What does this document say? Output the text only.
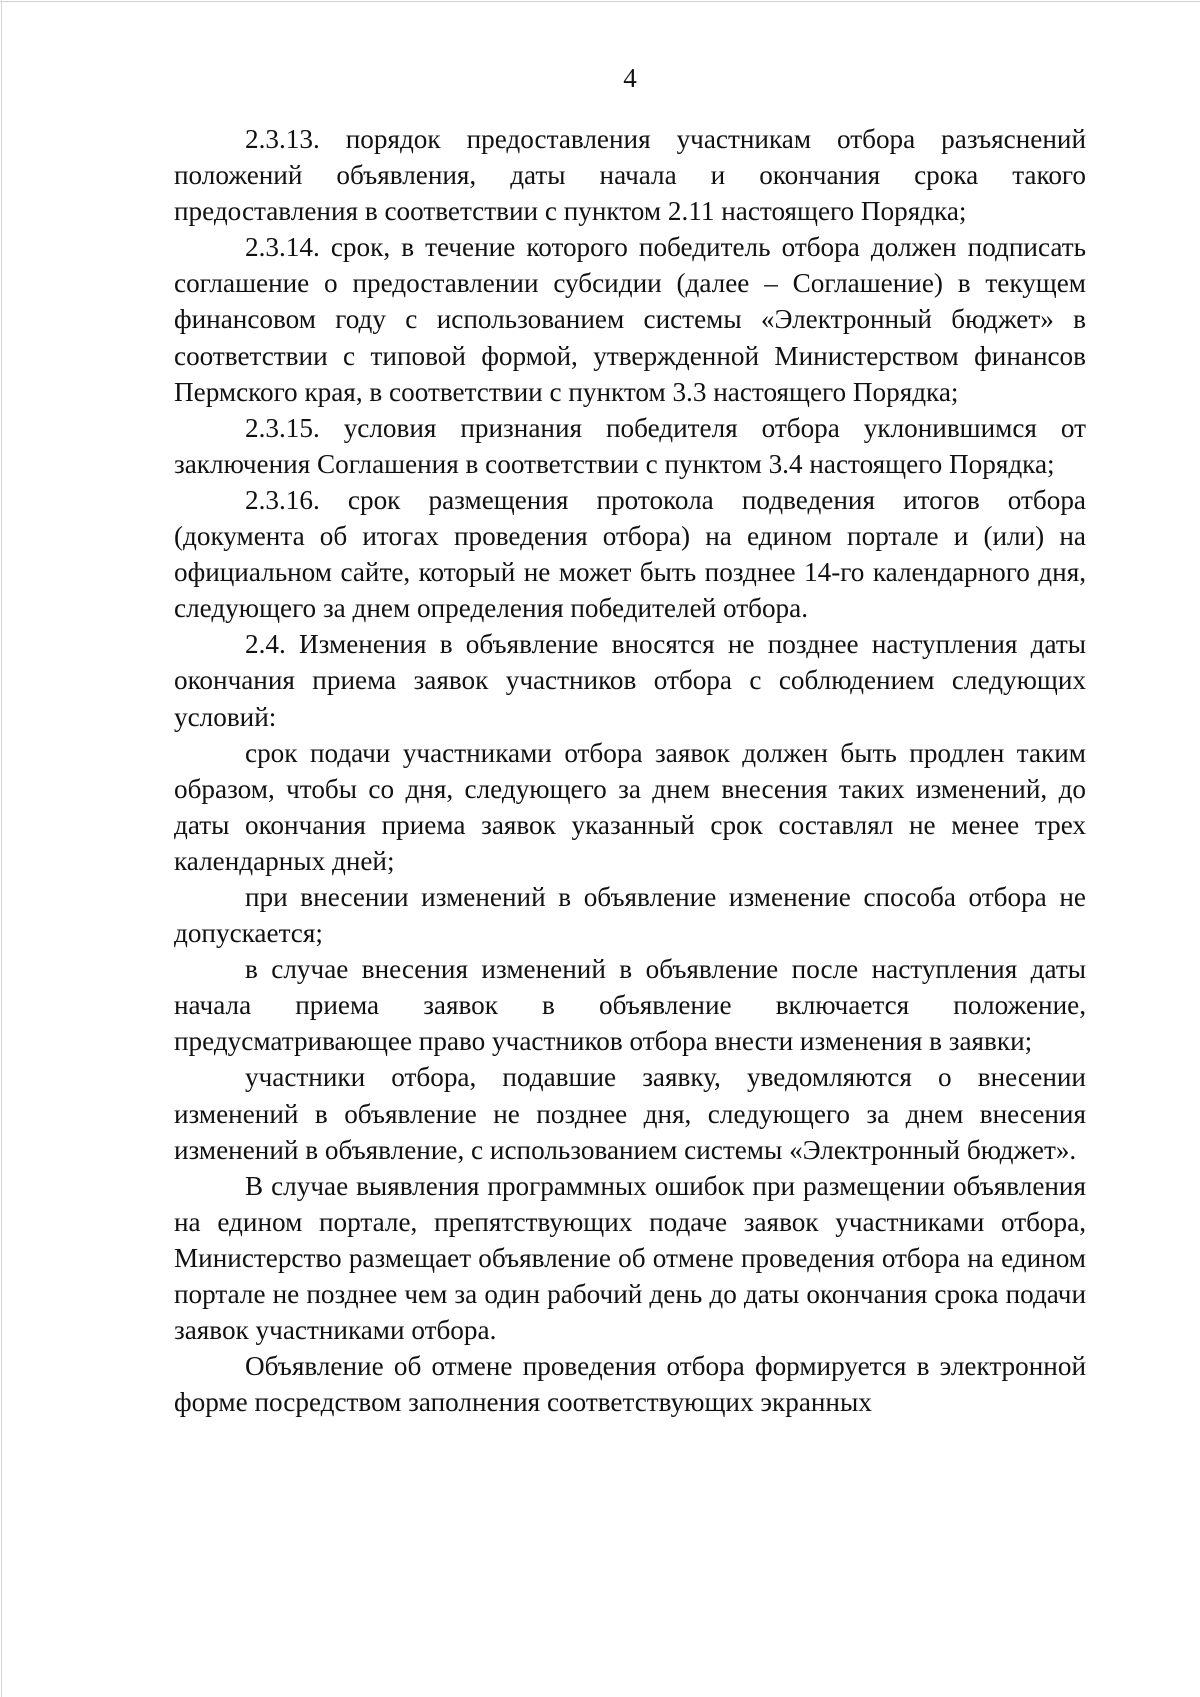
4

2.3.13. порядок предоставления участникам отбора разъяснений положений объявления, даты начала и окончания срока такого предоставления в соответствии с пунктом 2.11 настоящего Порядка;

2.3.14. срок, в течение которого победитель отбора должен подписать соглашение о предоставлении субсидии (далее – Соглашение) в текущем финансовом году с использованием системы «Электронный бюджет» в соответствии с типовой формой, утвержденной Министерством финансов Пермского края, в соответствии с пунктом 3.3 настоящего Порядка;

2.3.15. условия признания победителя отбора уклонившимся от заключения Соглашения в соответствии с пунктом 3.4 настоящего Порядка;

2.3.16. срок размещения протокола подведения итогов отбора (документа об итогах проведения отбора) на едином портале и (или) на официальном сайте, который не может быть позднее 14-го календарного дня, следующего за днем определения победителей отбора.

2.4. Изменения в объявление вносятся не позднее наступления даты окончания приема заявок участников отбора с соблюдением следующих условий:

срок подачи участниками отбора заявок должен быть продлен таким образом, чтобы со дня, следующего за днем внесения таких изменений, до даты окончания приема заявок указанный срок составлял не менее трех календарных дней;

при внесении изменений в объявление изменение способа отбора не допускается;

в случае внесения изменений в объявление после наступления даты начала приема заявок в объявление включается положение, предусматривающее право участников отбора внести изменения в заявки;

участники отбора, подавшие заявку, уведомляются о внесении изменений в объявление не позднее дня, следующего за днем внесения изменений в объявление, с использованием системы «Электронный бюджет».

В случае выявления программных ошибок при размещении объявления на едином портале, препятствующих подаче заявок участниками отбора, Министерство размещает объявление об отмене проведения отбора на едином портале не позднее чем за один рабочий день до даты окончания срока подачи заявок участниками отбора.

Объявление об отмене проведения отбора формируется в электронной форме посредством заполнения соответствующих экранных
